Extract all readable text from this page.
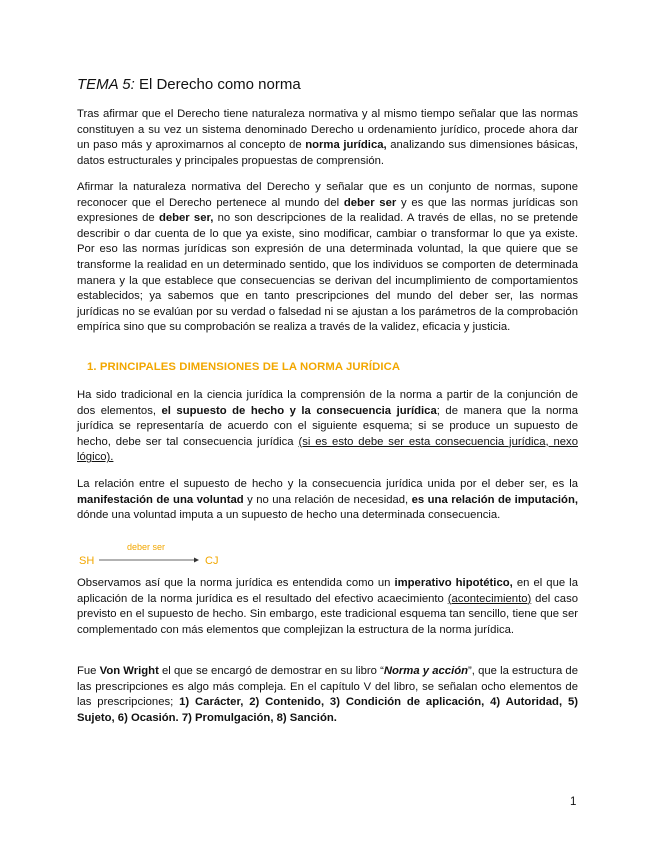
TEMA 5: El Derecho como norma

Tras afirmar que el Derecho tiene naturaleza normativa y al mismo tiempo señalar que las normas constituyen a su vez un sistema denominado Derecho u ordenamiento jurídico, procede ahora dar un paso más y aproximarnos al concepto de norma jurídica, analizando sus dimensiones básicas, datos estructurales y principales propuestas de comprensión.

Afirmar la naturaleza normativa del Derecho y señalar que es un conjunto de normas, supone reconocer que el Derecho pertenece al mundo del deber ser y es que las normas jurídicas son expresiones de deber ser, no son descripciones de la realidad. A través de ellas, no se pretende describir o dar cuenta de lo que ya existe, sino modificar, cambiar o transformar lo que ya existe. Por eso las normas jurídicas son expresión de una determinada voluntad, la que quiere que se transforme la realidad en un determinado sentido, que los individuos se comporten de determinada manera y la que establece que consecuencias se derivan del incumplimiento de comportamientos establecidos; ya sabemos que en tanto prescripciones del mundo del deber ser, las normas jurídicas no se evalúan por su verdad o falsedad ni se ajustan a los parámetros de la comprobación empírica sino que su comprobación se realiza a través de la validez, eficacia y justicia.

1. PRINCIPALES DIMENSIONES DE LA NORMA JURÍDICA

Ha sido tradicional en la ciencia jurídica la comprensión de la norma a partir de la conjunción de dos elementos, el supuesto de hecho y la consecuencia jurídica; de manera que la norma jurídica se representaría de acuerdo con el siguiente esquema; si se produce un supuesto de hecho, debe ser tal consecuencia jurídica (si es esto debe ser esta consecuencia jurídica, nexo lógico).

La relación entre el supuesto de hecho y la consecuencia jurídica unida por el deber ser, es la manifestación de una voluntad y no una relación de necesidad, es una relación de imputación, dónde una voluntad imputa a un supuesto de hecho una determinada consecuencia.

SH
deber ser
CJ

Observamos así que la norma jurídica es entendida como un imperativo hipotético, en el que la aplicación de la norma jurídica es el resultado del efectivo acaecimiento (acontecimiento) del caso previsto en el supuesto de hecho. Sin embargo, este tradicional esquema tan sencillo, tiene que ser complementado con más elementos que complejizan la estructura de la norma jurídica.

Fue Von Wright el que se encargó de demostrar en su libro “Norma y acción”, que la estructura de las prescripciones es algo más compleja. En el capítulo V del libro, se señalan ocho elementos de las prescripciones; 1) Carácter, 2) Contenido, 3) Condición de aplicación, 4) Autoridad, 5) Sujeto, 6) Ocasión. 7) Promulgación, 8) Sanción.

1
